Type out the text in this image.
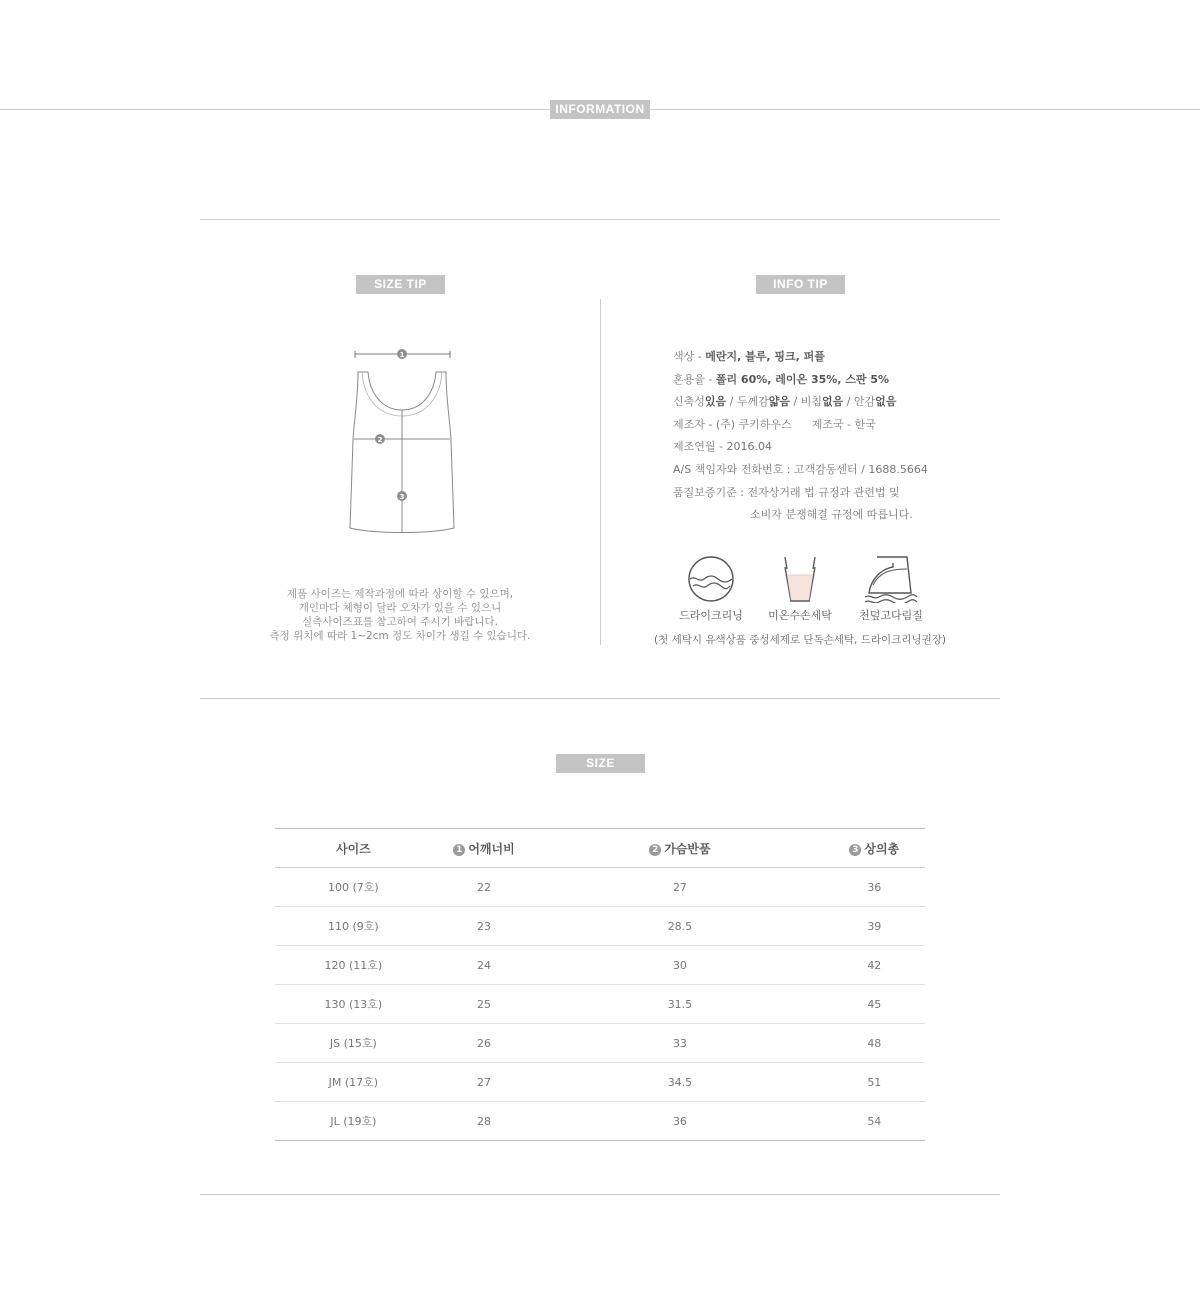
INFORMATION
SIZE TIP
1
2
3
제품 사이즈는 제작과정에 따라 상이할 수 있으며,
개인마다 체형이 달라 오차가 있을 수 있으니
실측사이즈표를 참고하여 주시기 바랍니다.
측정 위치에 따라 1~2cm 정도 차이가 생길 수 있습니다.
INFO TIP
색상 - 메란지, 블루, 핑크, 퍼플
혼용율 - 폴리 60%, 레이온 35%, 스판 5%
신축성있음 / 두께감얇음 / 비침없음 / 안감없음
제조자 - (주) 쿠키하우스 제조국 - 한국
제조연월 - 2016.04
A/S 책임자와 전화번호 : 고객감동센터 / 1688.5664
품질보증기준 : 전자상거래 법 규정과 관련법 및
소비자 분쟁해결 규정에 따릅니다.
드라이크리닝	미온수손세탁	천덮고다림질
(첫 세탁시 유색상품 중성세제로 단독손세탁, 드라이크리닝권장)
SIZE
사이즈	1 어깨너비	2 가슴반품	3 상의총
100 (7호)	22	27	36
110 (9호)	23	28.5	39
120 (11호)	24	30	42
130 (13호)	25	31.5	45
JS (15호)	26	33	48
JM (17호)	27	34.5	51
JL (19호)	28	36	54
